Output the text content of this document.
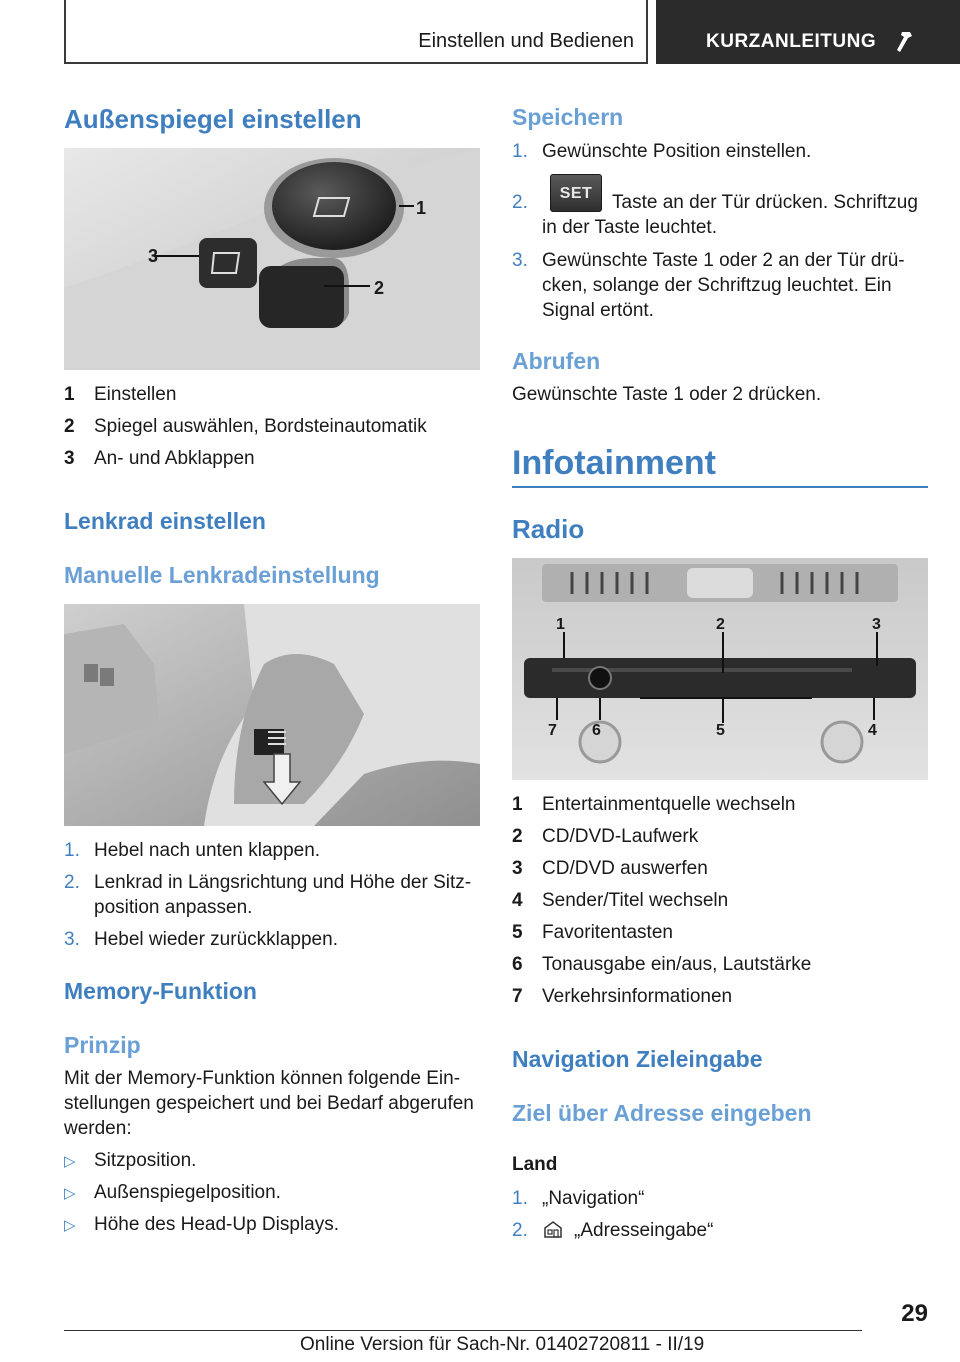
Einstellen und Bedienen	KURZANLEITUNG
Außenspiegel einstellen
1
2
3
1 Einstellen
2 Spiegel auswählen, Bordsteinautomatik
3 An- und Abklappen
Lenkrad einstellen
Manuelle Lenkradeinstellung
1. Hebel nach unten klappen.
2. Lenkrad in Längsrichtung und Höhe der Sitz-
position anpassen.
3. Hebel wieder zurückklappen.
Memory-Funktion
Prinzip
Mit der Memory-Funktion können folgende Ein-
stellungen gespeichert und bei Bedarf abgerufen
werden:
▷ Sitzposition.
▷ Außenspiegelposition.
▷ Höhe des Head-Up Displays.
Speichern
1. Gewünschte Position einstellen.
2.	Taste an der Tür drücken. Schriftzug
in der Taste leuchtet.
SET
3. Gewünschte Taste 1 oder 2 an der Tür drü-
cken, solange der Schriftzug leuchtet. Ein
Signal ertönt.
Abrufen
Gewünschte Taste 1 oder 2 drücken.
Infotainment
Radio
1	2	3
4
5
6
7
1 Entertainmentquelle wechseln
2 CD/DVD-Laufwerk
3 CD/DVD auswerfen
4 Sender/Titel wechseln
5 Favoritentasten
6 Tonausgabe ein/aus, Lautstärke
7 Verkehrsinformationen
Navigation Zieleingabe
Ziel über Adresse eingeben
Land
1. „Navigation“
2. „Adresseingabe“
29
Online Version für Sach-Nr. 01402720811 - II/19
